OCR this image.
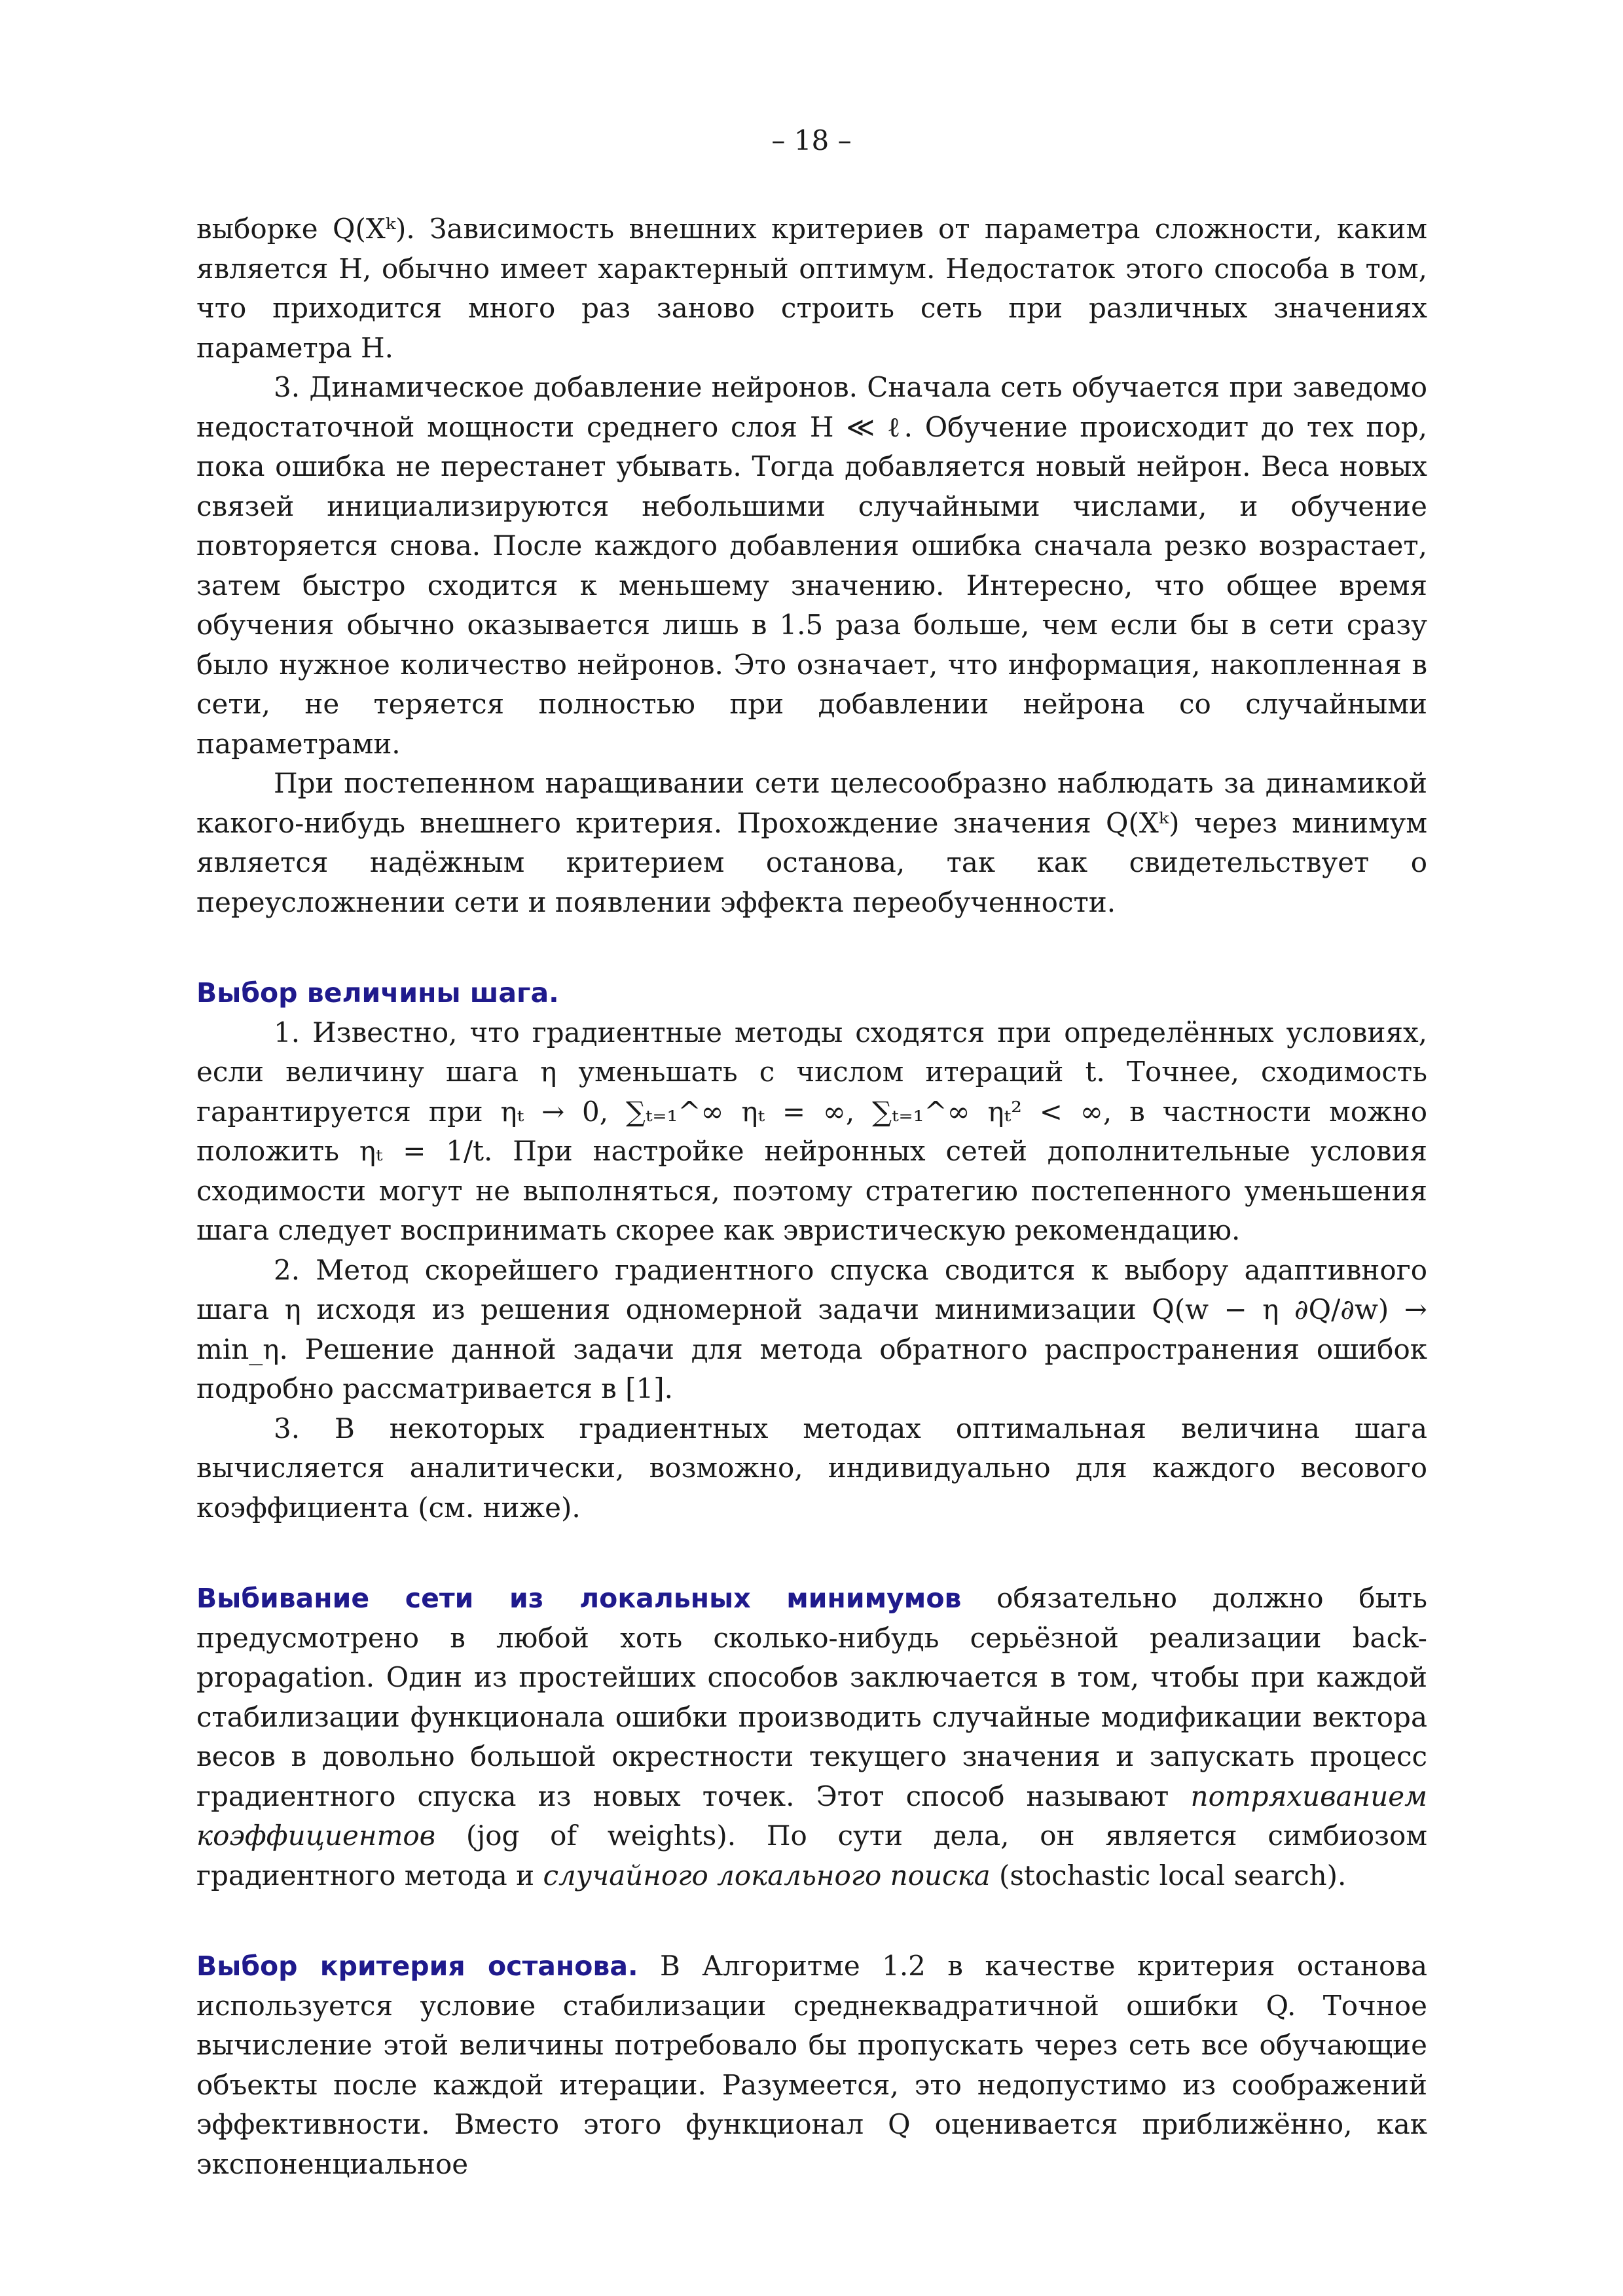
– 18 –

выборке Q(Xᵏ). Зависимость внешних критериев от параметра сложности, каким является H, обычно имеет характерный оптимум. Недостаток этого способа в том, что приходится много раз заново строить сеть при различных значениях параметра H.

3. Динамическое добавление нейронов. Сначала сеть обучается при заведомо недостаточной мощности среднего слоя H ≪ ℓ. Обучение происходит до тех пор, пока ошибка не перестанет убывать. Тогда добавляется новый нейрон. Веса новых связей инициализируются небольшими случайными числами, и обучение повторяется снова. После каждого добавления ошибка сначала резко возрастает, затем быстро сходится к меньшему значению. Интересно, что общее время обучения обычно оказывается лишь в 1.5 раза больше, чем если бы в сети сразу было нужное количество нейронов. Это означает, что информация, накопленная в сети, не теряется полностью при добавлении нейрона со случайными параметрами.

При постепенном наращивании сети целесообразно наблюдать за динамикой какого-нибудь внешнего критерия. Прохождение значения Q(Xᵏ) через минимум является надёжным критерием останова, так как свидетельствует о переусложнении сети и появлении эффекта переобученности.

Выбор величины шага.

1. Известно, что градиентные методы сходятся при определённых условиях, если величину шага η уменьшать с числом итераций t. Точнее, сходимость гарантируется при ηₜ → 0, ∑ₜ₌₁^∞ ηₜ = ∞, ∑ₜ₌₁^∞ ηₜ² < ∞, в частности можно положить ηₜ = 1/t. При настройке нейронных сетей дополнительные условия сходимости могут не выполняться, поэтому стратегию постепенного уменьшения шага следует воспринимать скорее как эвристическую рекомендацию.

2. Метод скорейшего градиентного спуска сводится к выбору адаптивного шага η исходя из решения одномерной задачи минимизации Q(w − η ∂Q/∂w) → min_η. Решение данной задачи для метода обратного распространения ошибок подробно рассматривается в [1].

3. В некоторых градиентных методах оптимальная величина шага вычисляется аналитически, возможно, индивидуально для каждого весового коэффициента (см. ниже).

Выбивание сети из локальных минимумов обязательно должно быть предусмотрено в любой хоть сколько-нибудь серьёзной реализации back-propagation. Один из простейших способов заключается в том, чтобы при каждой стабилизации функционала ошибки производить случайные модификации вектора весов в довольно большой окрестности текущего значения и запускать процесс градиентного спуска из новых точек. Этот способ называют потряхиванием коэффициентов (jog of weights). По сути дела, он является симбиозом градиентного метода и случайного локального поиска (stochastic local search).

Выбор критерия останова. В Алгоритме 1.2 в качестве критерия останова используется условие стабилизации среднеквадратичной ошибки Q. Точное вычисление этой величины потребовало бы пропускать через сеть все обучающие объекты после каждой итерации. Разумеется, это недопустимо из соображений эффективности. Вместо этого функционал Q оценивается приближённо, как экспоненциальное
